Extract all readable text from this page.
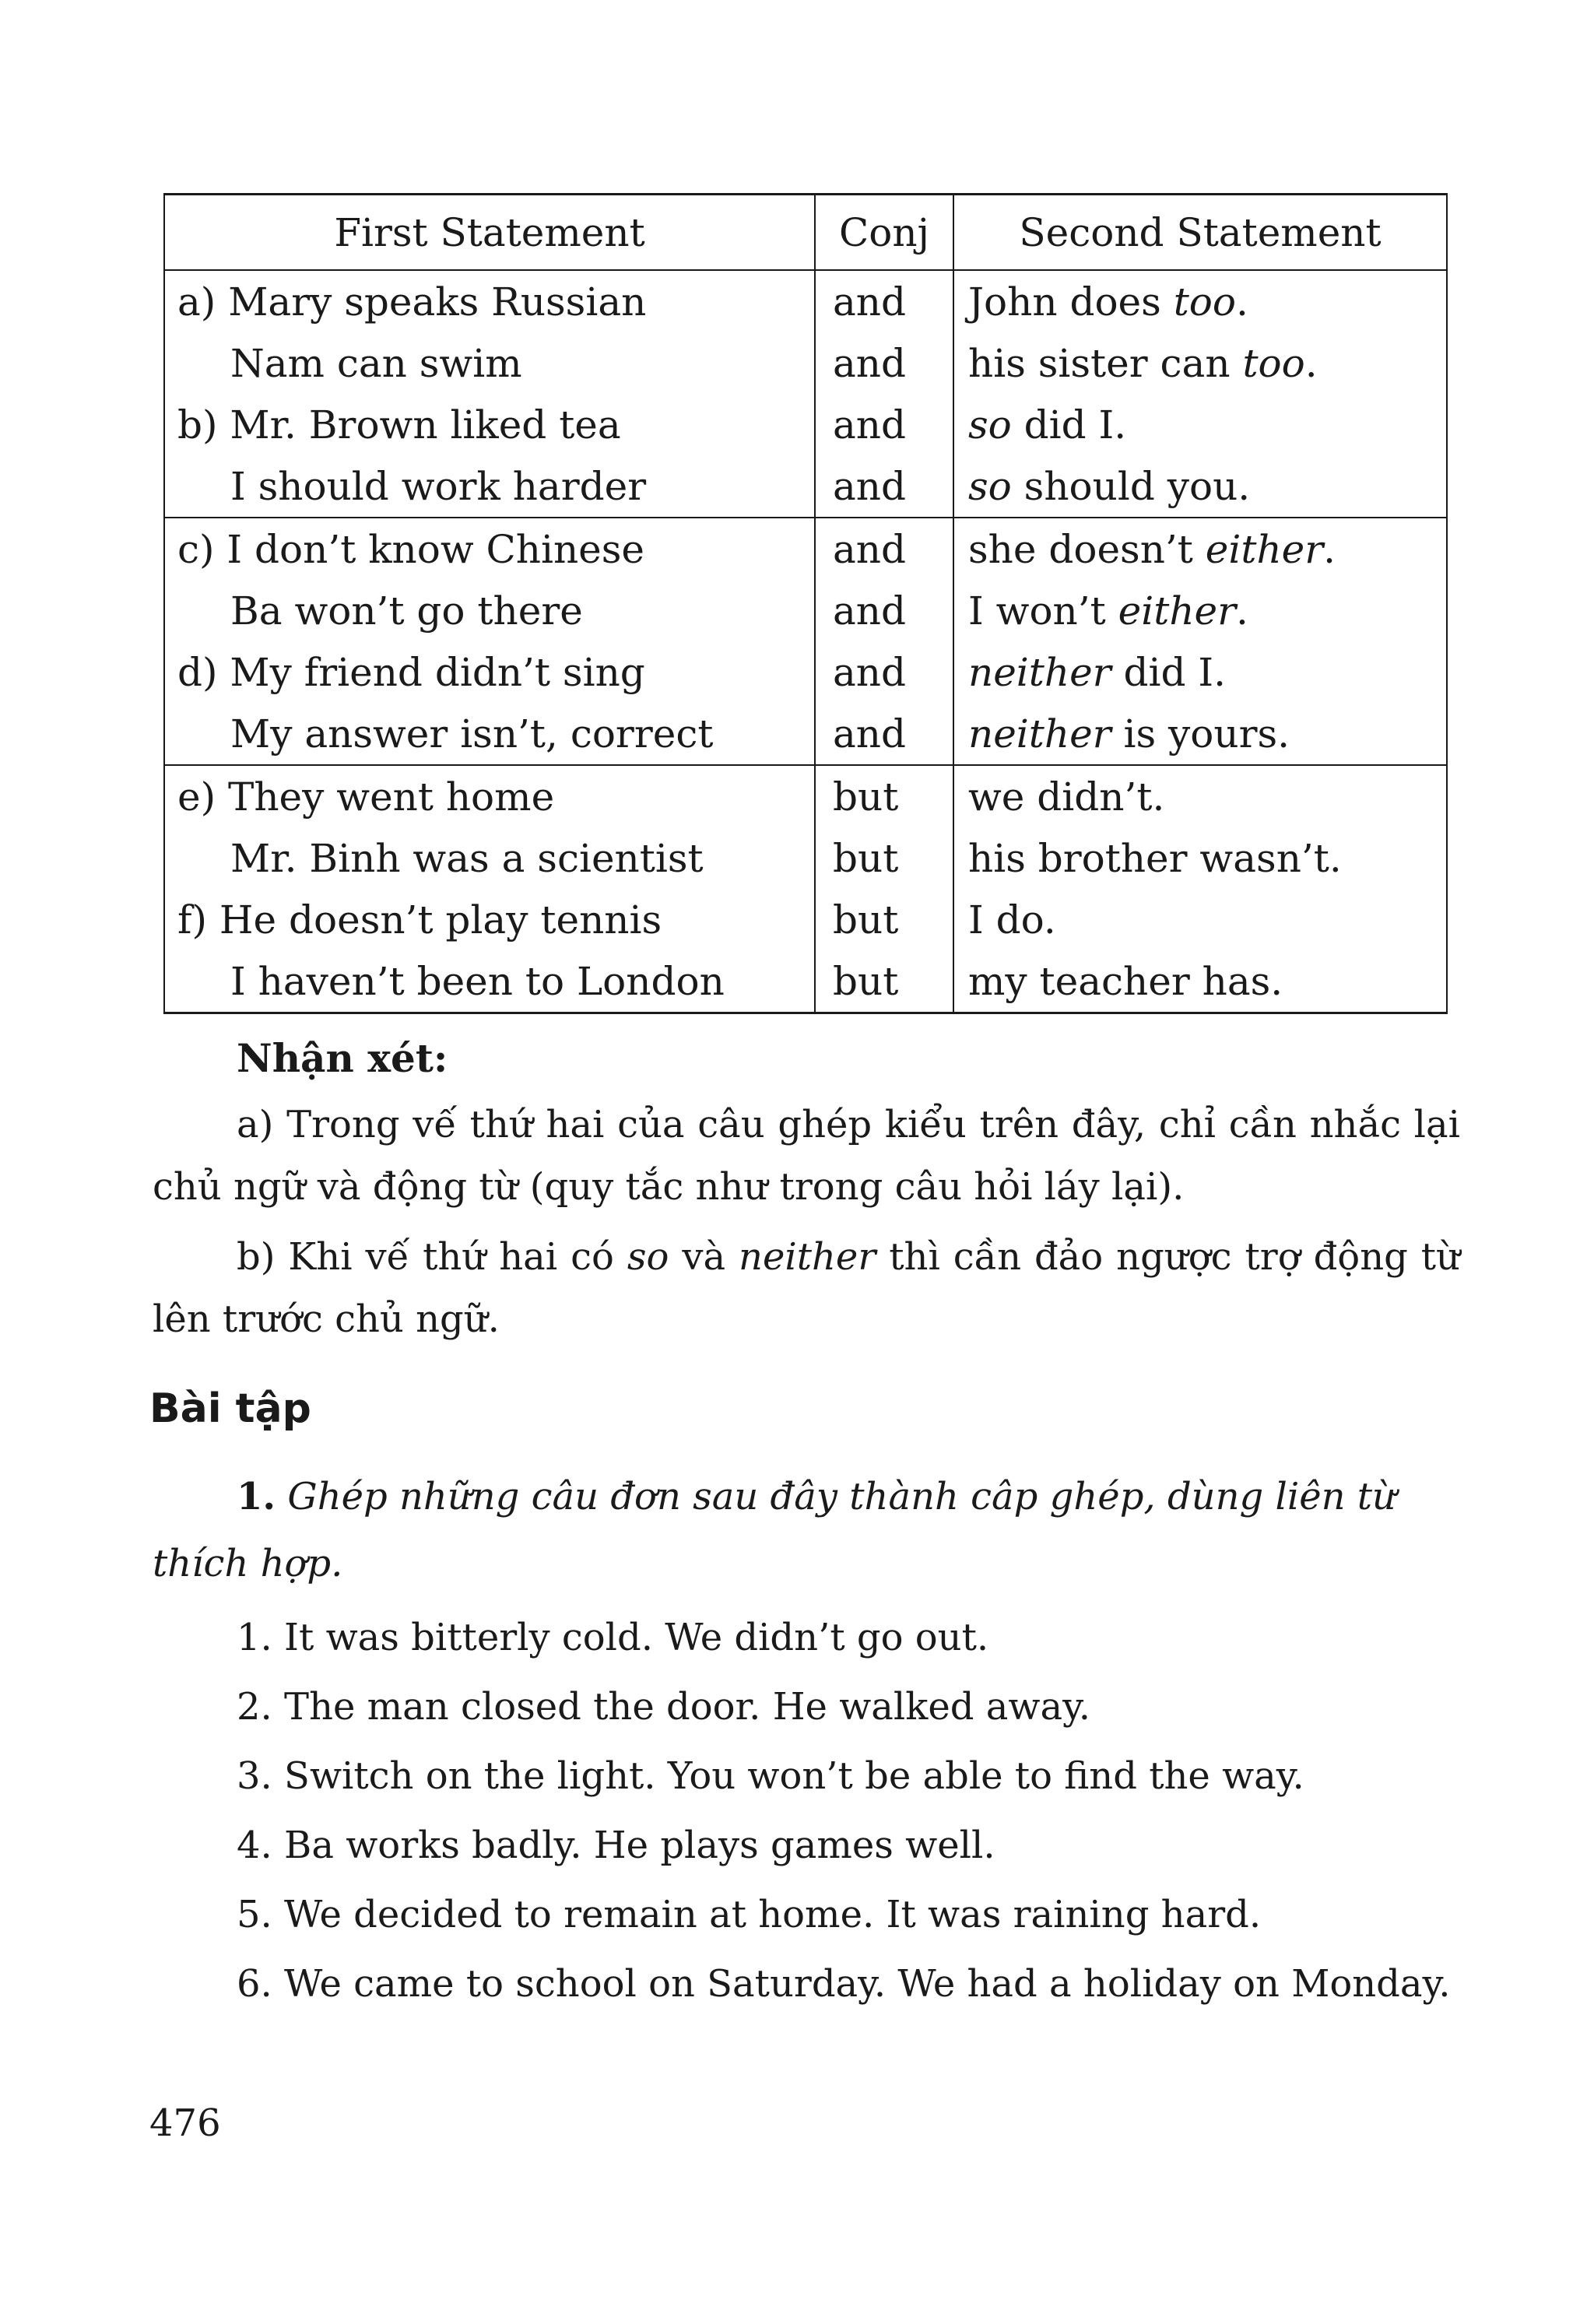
First Statement	Conj	Second Statement
a) Mary speaks Russian	and	John does too.
Nam can swim	and	his sister can too.
b) Mr. Brown liked tea	and	so did I.
I should work harder	and	so should you.
c) I don’t know Chinese	and	she doesn’t either.
Ba won’t go there	and	I won’t either.
d) My friend didn’t sing	and	neither did I.
My answer isn’t, correct	and	neither is yours.
e) They went home	but	we didn’t.
Mr. Binh was a scientist	but	his brother wasn’t.
f) He doesn’t play tennis	but	I do.
I haven’t been to London	but	my teacher has.
Nhận xét:

a) Trong vế thứ hai của câu ghép kiểu trên đây, chỉ cần nhắc lại chủ ngữ và động từ (quy tắc như trong câu hỏi láy lại).

b) Khi vế thứ hai có so và neither thì cần đảo ngược trợ động từ lên trước chủ ngữ.

Bài tập

1. Ghép những câu đơn sau đây thành câp ghép, dùng liên từ thích hợp.

1. It was bitterly cold. We didn’t go out.
2. The man closed the door. He walked away.
3. Switch on the light. You won’t be able to find the way.
4. Ba works badly. He plays games well.
5. We decided to remain at home. It was raining hard.
6. We came to school on Saturday. We had a holiday on Monday.

476
